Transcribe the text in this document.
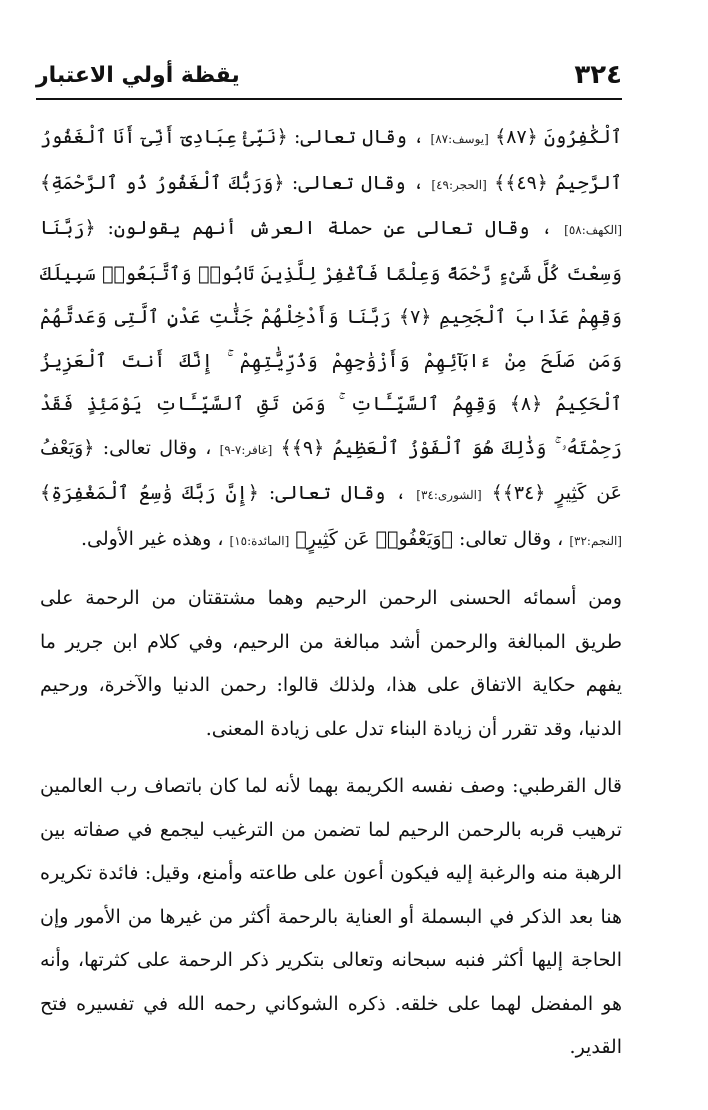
٣٢٤
يقظة أولي الاعتبار

ٱلْكَٰفِرُونَ ﴿٨٧﴾ [يوسف:٨٧] ، وقال تعالى: ﴿نَبِّئْ عِبَادِىٓ أَنِّىٓ أَنَا ٱلْغَفُورُ ٱلرَّحِيمُ ﴿٤٩﴾﴾ [الحجر:٤٩] ، وقال تعالى: ﴿وَرَبُّكَ ٱلْغَفُورُ ذُو ٱلرَّحْمَةِ﴾ [الكهف:٥٨] ، وقال تعالى عن حملة العرش أنهم يقولون: ﴿رَبَّنَا وَسِعْتَ كُلَّ شَىْءٍ رَّحْمَةً وَعِلْمًا فَٱغْفِرْ لِلَّذِينَ تَابُوا۟ وَٱتَّبَعُوا۟ سَبِيلَكَ وَقِهِمْ عَذَابَ ٱلْجَحِيمِ ﴿٧﴾ رَبَّنَا وَأَدْخِلْهُمْ جَنَّٰتِ عَدْنٍ ٱلَّتِى وَعَدتَّهُمْ وَمَن صَلَحَ مِنْ ءَابَآئِهِمْ وَأَزْوَٰجِهِمْ وَذُرِّيَّٰتِهِمْ ۚ إِنَّكَ أَنتَ ٱلْعَزِيزُ ٱلْحَكِيمُ ﴿٨﴾ وَقِهِمُ ٱلسَّيِّـَٔاتِ ۚ وَمَن تَقِ ٱلسَّيِّـَٔاتِ يَوْمَئِذٍ فَقَدْ رَحِمْتَهُۥ ۚ وَذَٰلِكَ هُوَ ٱلْفَوْزُ ٱلْعَظِيمُ ﴿٩﴾﴾ [غافر:٧-٩] ، وقال تعالى: ﴿وَيَعْفُ عَن كَثِيرٍ ﴿٣٤﴾﴾ [الشورى:٣٤] ، وقال تعالى: ﴿إِنَّ رَبَّكَ وَٰسِعُ ٱلْمَغْفِرَةِ﴾ [النجم:٣٢] ، وقال تعالى: ﴿وَيَعْفُوا۟ عَن كَثِيرٍ﴾ [المائدة:١٥] ، وهذه غير الأولى.

ومن أسمائه الحسنى الرحمن الرحيم وهما مشتقتان من الرحمة على طريق المبالغة والرحمن أشد مبالغة من الرحيم، وفي كلام ابن جرير ما يفهم حكاية الاتفاق على هذا، ولذلك قالوا: رحمن الدنيا والآخرة، ورحيم الدنيا، وقد تقرر أن زيادة البناء تدل على زيادة المعنى.

قال القرطبي: وصف نفسه الكريمة بهما لأنه لما كان باتصاف رب العالمين ترهيب قربه بالرحمن الرحيم لما تضمن من الترغيب ليجمع في صفاته بين الرهبة منه والرغبة إليه فيكون أعون على طاعته وأمنع، وقيل: فائدة تكريره هنا بعد الذكر في البسملة أو العناية بالرحمة أكثر من غيرها من الأمور وإن الحاجة إليها أكثر فنبه سبحانه وتعالى بتكرير ذكر الرحمة على كثرتها، وأنه هو المفضل لهما على خلقه. ذكره الشوكاني رحمه الله في تفسيره فتح القدير.
